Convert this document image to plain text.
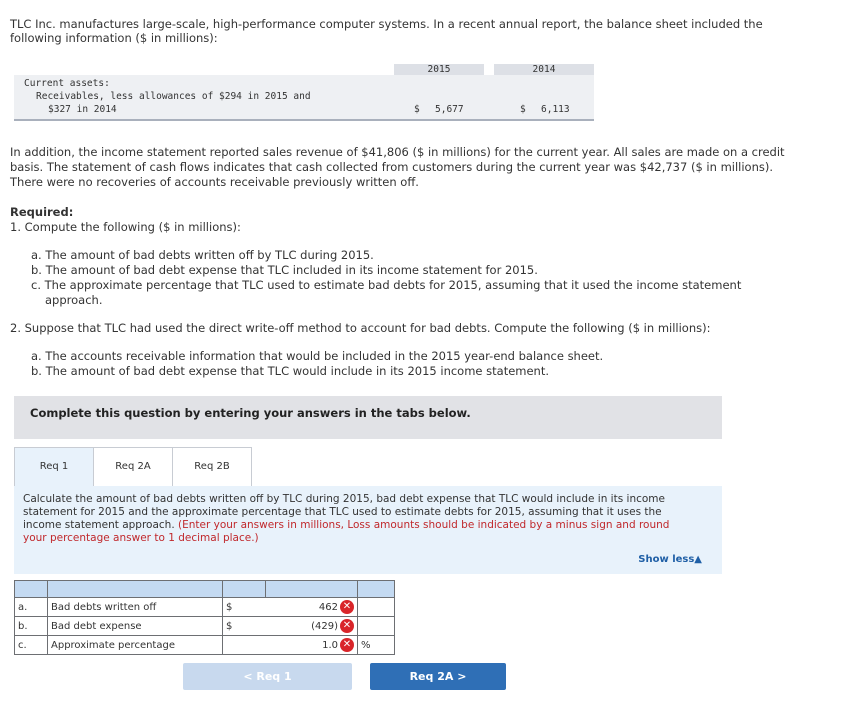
TLC Inc. manufactures large-scale, high-performance computer systems. In a recent annual report, the balance sheet included the
following information ($ in millions):
2015	2014
Current assets:
Receivables, less allowances of $294 in 2015 and
$327 in 2014	$ 5,677	$ 6,113
In addition, the income statement reported sales revenue of $41,806 ($ in millions) for the current year. All sales are made on a credit
basis. The statement of cash flows indicates that cash collected from customers during the current year was $42,737 ($ in millions).
There were no recoveries of accounts receivable previously written off.
Required:
1. Compute the following ($ in millions):
a. The amount of bad debts written off by TLC during 2015.
b. The amount of bad debt expense that TLC included in its income statement for 2015.
c. The approximate percentage that TLC used to estimate bad debts for 2015, assuming that it used the income statement
approach.
2. Suppose that TLC had used the direct write-off method to account for bad debts. Compute the following ($ in millions):
a. The accounts receivable information that would be included in the 2015 year-end balance sheet.
b. The amount of bad debt expense that TLC would include in its 2015 income statement.
Complete this question by entering your answers in the tabs below.
Req 1	Req 2A	Req 2B
Calculate the amount of bad debts written off by TLC during 2015, bad debt expense that TLC would include in its income
statement for 2015 and the approximate percentage that TLC used to estimate debts for 2015, assuming that it uses the
income statement approach. (Enter your answers in millions, Loss amounts should be indicated by a minus sign and round
your percentage answer to 1 decimal place.)
Show less▲

a.	Bad debts written off	$	462 ✕	
b.	Bad debt expense	$	(429) ✕	
c.	Approximate percentage		1.0 ✕	%
< Req 1	Req 2A >
